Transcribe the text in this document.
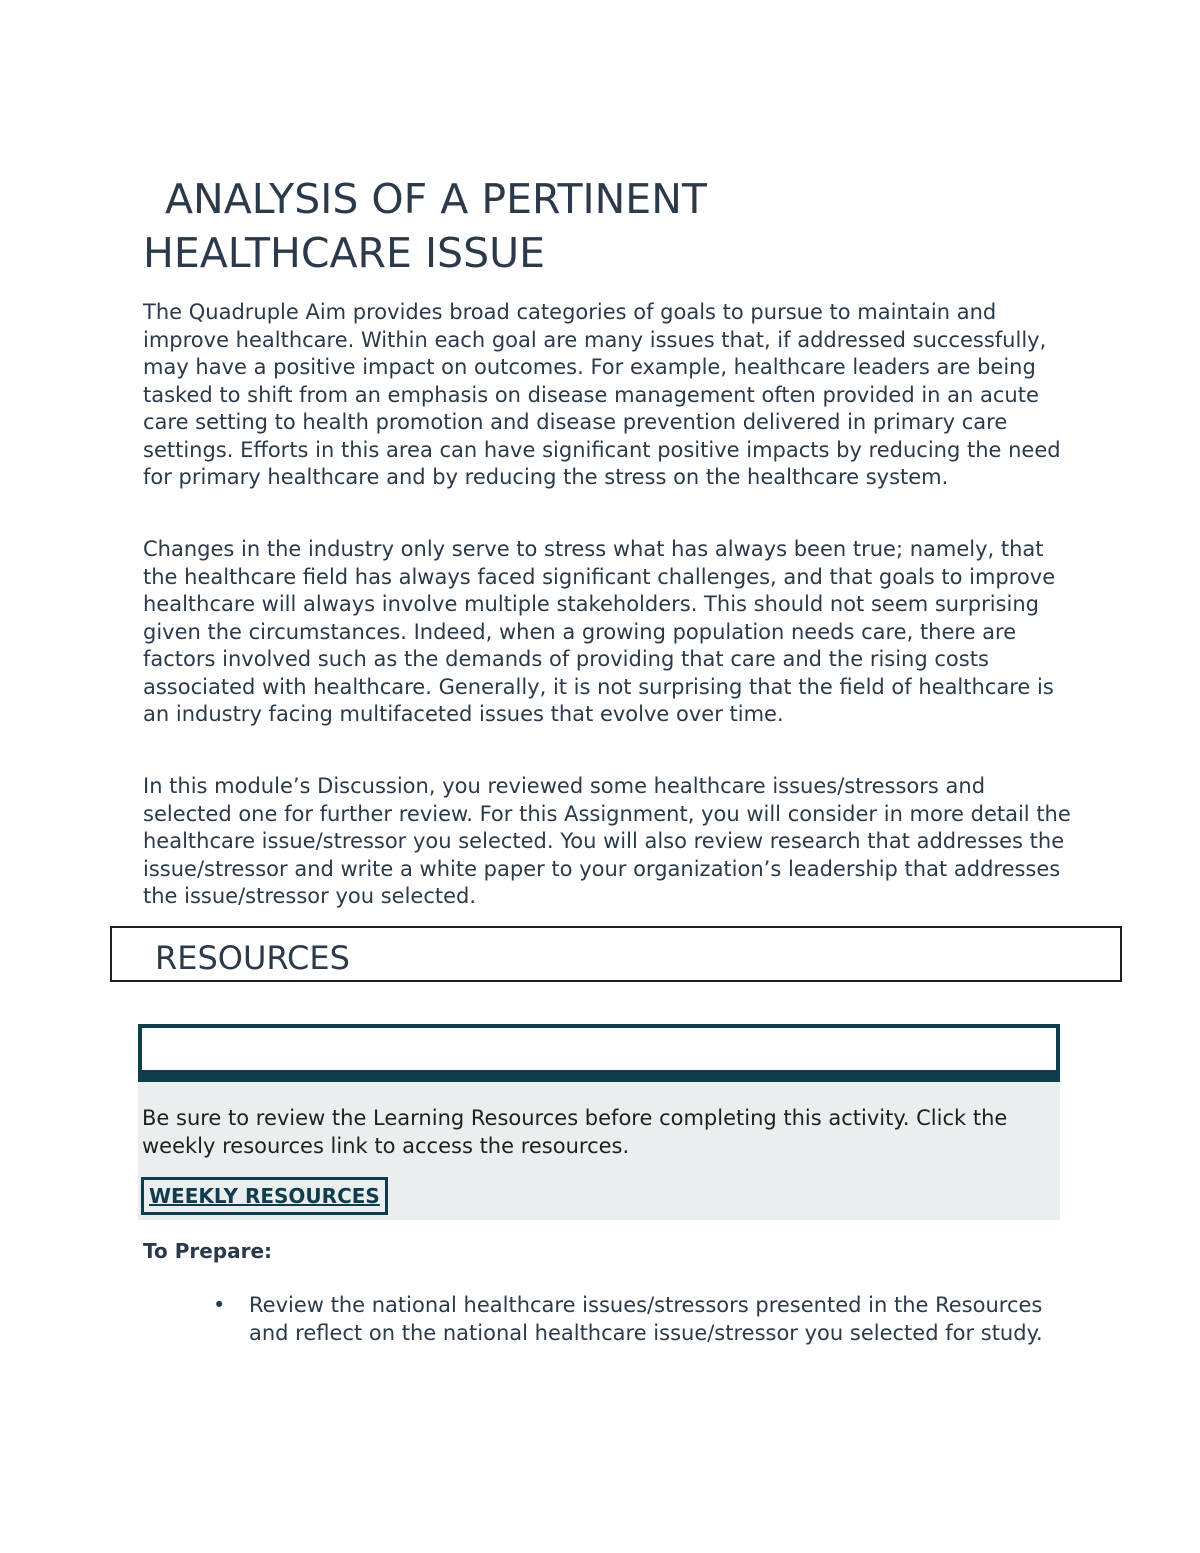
ANALYSIS OF A PERTINENT
HEALTHCARE ISSUE

The Quadruple Aim provides broad categories of goals to pursue to maintain and improve healthcare. Within each goal are many issues that, if addressed successfully, may have a positive impact on outcomes. For example, healthcare leaders are being tasked to shift from an emphasis on disease management often provided in an acute care setting to health promotion and disease prevention delivered in primary care settings. Efforts in this area can have significant positive impacts by reducing the need for primary healthcare and by reducing the stress on the healthcare system.

Changes in the industry only serve to stress what has always been true; namely, that the healthcare field has always faced significant challenges, and that goals to improve healthcare will always involve multiple stakeholders. This should not seem surprising given the circumstances. Indeed, when a growing population needs care, there are factors involved such as the demands of providing that care and the rising costs associated with healthcare. Generally, it is not surprising that the field of healthcare is an industry facing multifaceted issues that evolve over time.

In this module’s Discussion, you reviewed some healthcare issues/stressors and selected one for further review. For this Assignment, you will consider in more detail the healthcare issue/stressor you selected. You will also review research that addresses the issue/stressor and write a white paper to your organization’s leadership that addresses the issue/stressor you selected.

RESOURCES

Be sure to review the Learning Resources before completing this activity. Click the weekly resources link to access the resources.

WEEKLY RESOURCES

To Prepare:

• Review the national healthcare issues/stressors presented in the Resources and reflect on the national healthcare issue/stressor you selected for study.
